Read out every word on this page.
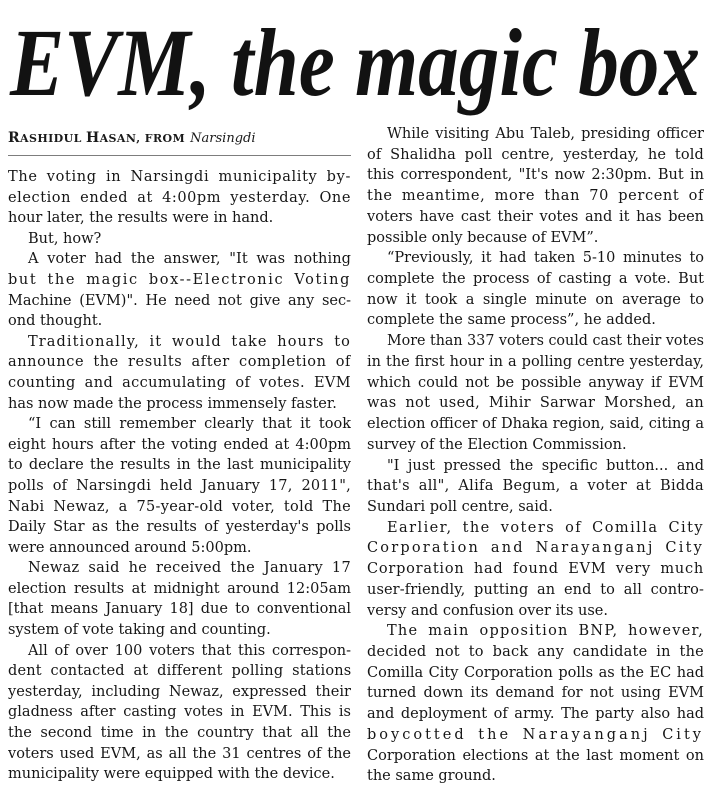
EVM, the magic box
RASHIDUL HASAN, FROM Narsingdi
The voting in Narsingdi municipality by-
election ended at 4:00pm yesterday. One
hour later, the results were in hand.
But, how?
A voter had the answer, "It was nothing
but the magic box--Electronic Voting
Machine (EVM)". He need not give any sec-
ond thought.
Traditionally, it would take hours to
announce the results after completion of
counting and accumulating of votes. EVM
has now made the process immensely faster.
“I can still remember clearly that it took
eight hours after the voting ended at 4:00pm
to declare the results in the last municipality
polls of Narsingdi held January 17, 2011",
Nabi Newaz, a 75-year-old voter, told The
Daily Star as the results of yesterday's polls
were announced around 5:00pm.
Newaz said he received the January 17
election results at midnight around 12:05am
[that means January 18] due to conventional
system of vote taking and counting.
All of over 100 voters that this correspon-
dent contacted at different polling stations
yesterday, including Newaz, expressed their
gladness after casting votes in EVM. This is
the second time in the country that all the
voters used EVM, as all the 31 centres of the
municipality were equipped with the device.
While visiting Abu Taleb, presiding officer
of Shalidha poll centre, yesterday, he told
this correspondent, "It's now 2:30pm. But in
the meantime, more than 70 percent of
voters have cast their votes and it has been
possible only because of EVM”.
“Previously, it had taken 5-10 minutes to
complete the process of casting a vote. But
now it took a single minute on average to
complete the same process”, he added.
More than 337 voters could cast their votes
in the first hour in a polling centre yesterday,
which could not be possible anyway if EVM
was not used, Mihir Sarwar Morshed, an
election officer of Dhaka region, said, citing a
survey of the Election Commission.
"I just pressed the specific button... and
that's all", Alifa Begum, a voter at Bidda
Sundari poll centre, said.
Earlier, the voters of Comilla City
Corporation and Narayanganj City
Corporation had found EVM very much
user-friendly, putting an end to all contro-
versy and confusion over its use.
The main opposition BNP, however,
decided not to back any candidate in the
Comilla City Corporation polls as the EC had
turned down its demand for not using EVM
and deployment of army. The party also had
boycotted the Narayanganj City
Corporation elections at the last moment on
the same ground.
